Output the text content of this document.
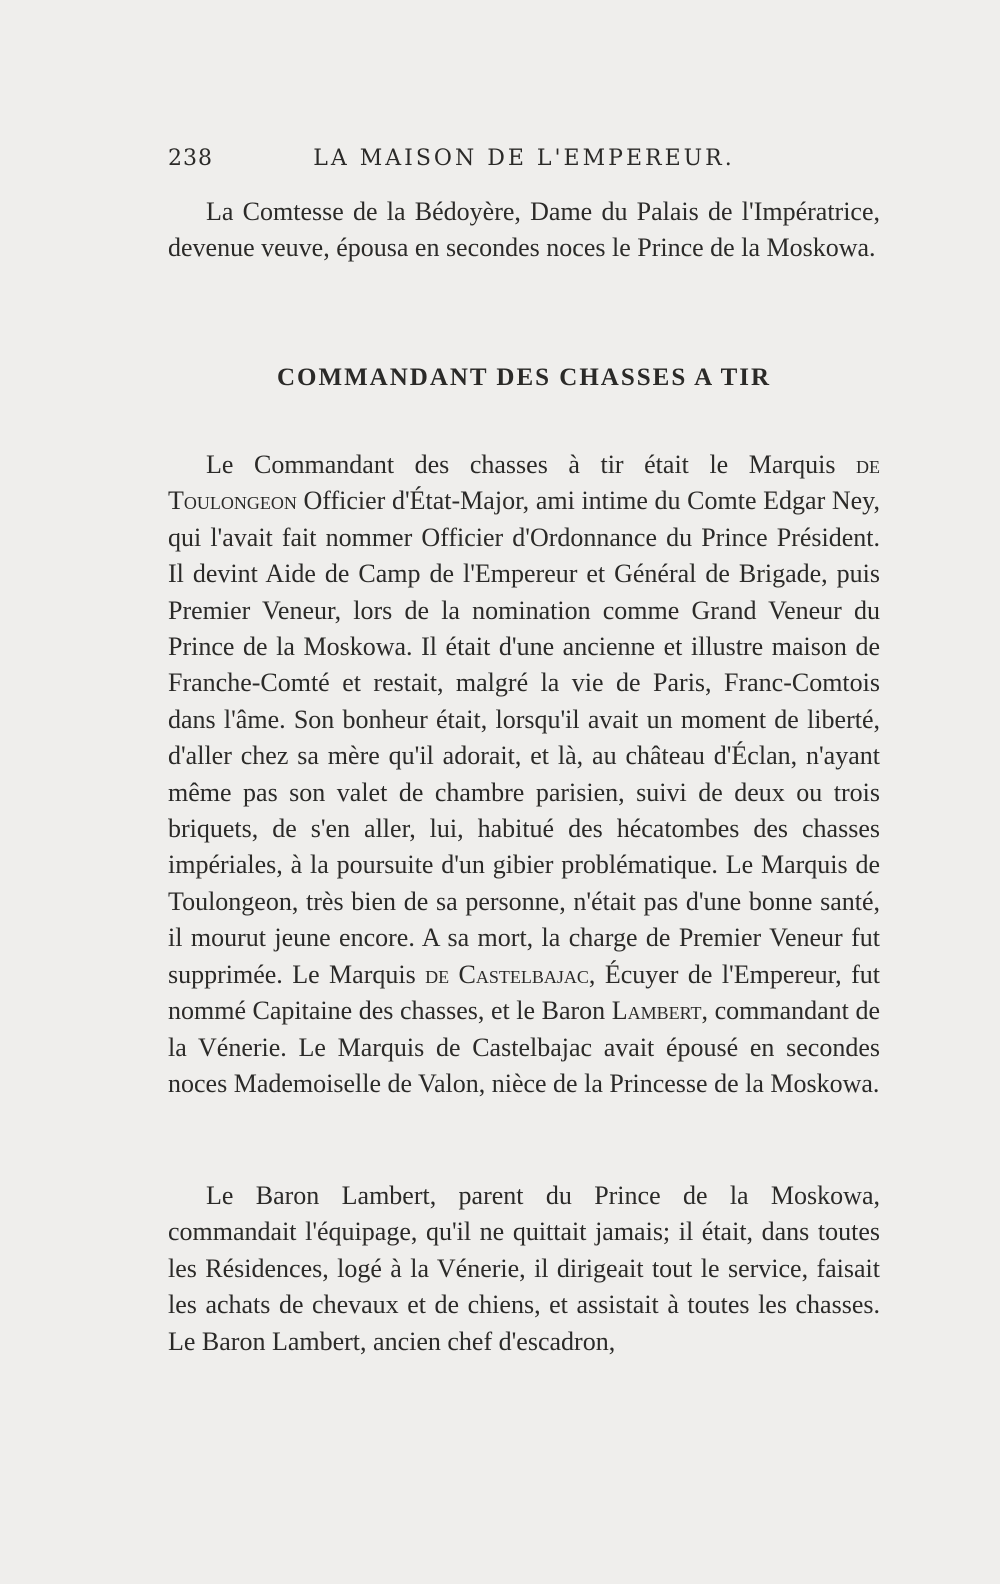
238	LA MAISON DE L'EMPEREUR.

La Comtesse de la Bédoyère, Dame du Palais de l'Impératrice, devenue veuve, épousa en secondes noces le Prince de la Moskowa.

COMMANDANT DES CHASSES A TIR

Le Commandant des chasses à tir était le Marquis de Toulongeon Officier d'État-Major, ami intime du Comte Edgar Ney, qui l'avait fait nommer Officier d'Ordonnance du Prince Président. Il devint Aide de Camp de l'Empereur et Général de Brigade, puis Premier Veneur, lors de la nomination comme Grand Veneur du Prince de la Moskowa. Il était d'une ancienne et illustre maison de Franche-Comté et restait, malgré la vie de Paris, Franc-Comtois dans l'âme. Son bonheur était, lorsqu'il avait un moment de liberté, d'aller chez sa mère qu'il adorait, et là, au château d'Éclan, n'ayant même pas son valet de chambre parisien, suivi de deux ou trois briquets, de s'en aller, lui, habitué des hécatombes des chasses impériales, à la poursuite d'un gibier problématique. Le Marquis de Toulongeon, très bien de sa personne, n'était pas d'une bonne santé, il mourut jeune encore. A sa mort, la charge de Premier Veneur fut supprimée. Le Marquis de Castelbajac, Écuyer de l'Empereur, fut nommé Capitaine des chasses, et le Baron Lambert, commandant de la Vénerie. Le Marquis de Castelbajac avait épousé en secondes noces Mademoiselle de Valon, nièce de la Princesse de la Moskowa.

Le Baron Lambert, parent du Prince de la Moskowa, commandait l'équipage, qu'il ne quittait jamais; il était, dans toutes les Résidences, logé à la Vénerie, il dirigeait tout le service, faisait les achats de chevaux et de chiens, et assistait à toutes les chasses. Le Baron Lambert, ancien chef d'escadron,
